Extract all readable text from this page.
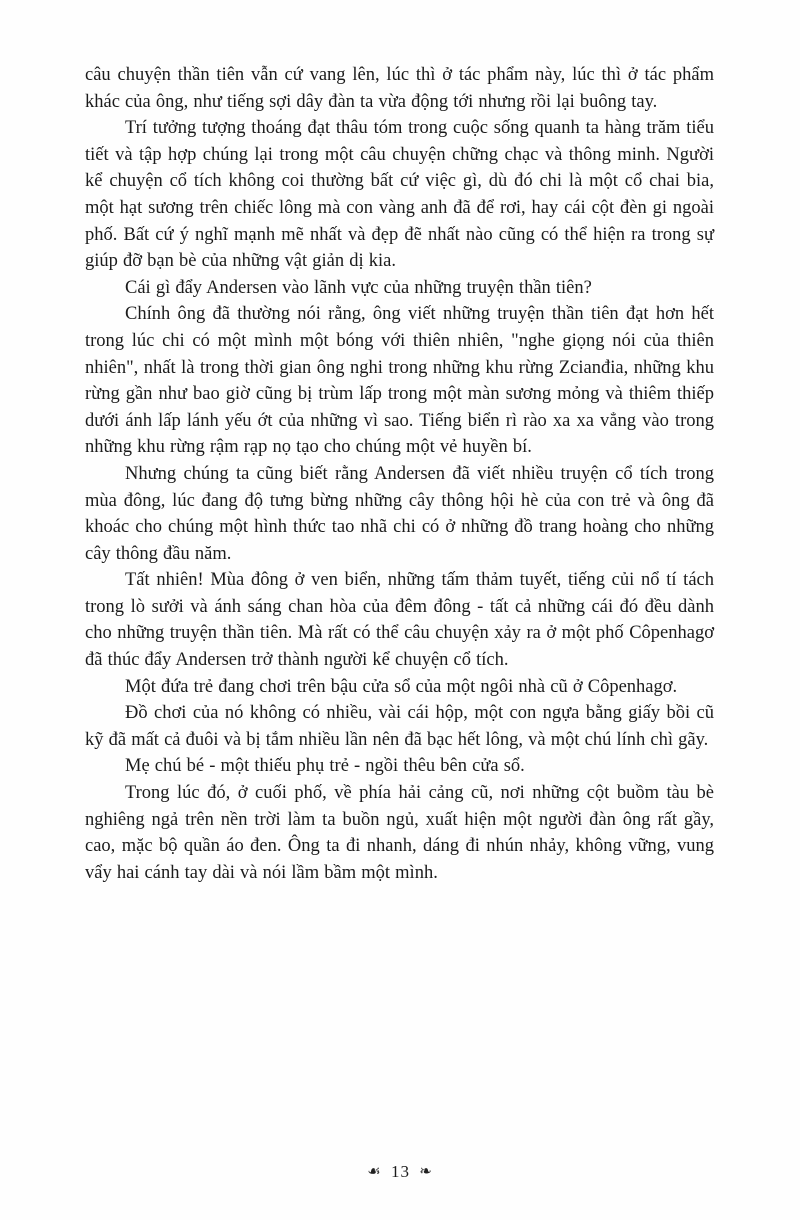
câu chuyện thần tiên vẫn cứ vang lên, lúc thì ở tác phẩm này, lúc thì ở tác phẩm khác của ông, như tiếng sợi dây đàn ta vừa động tới nhưng rồi lại buông tay.

Trí tưởng tượng thoáng đạt thâu tóm trong cuộc sống quanh ta hàng trăm tiểu tiết và tập hợp chúng lại trong một câu chuyện chững chạc và thông minh. Người kể chuyện cổ tích không coi thường bất cứ việc gì, dù đó chi là một cổ chai bia, một hạt sương trên chiếc lông mà con vàng anh đã để rơi, hay cái cột đèn gi ngoài phố. Bất cứ ý nghĩ mạnh mẽ nhất và đẹp đẽ nhất nào cũng có thể hiện ra trong sự giúp đỡ bạn bè của những vật giản dị kia.

Cái gì đẩy Andersen vào lãnh vực của những truyện thần tiên?

Chính ông đã thường nói rằng, ông viết những truyện thần tiên đạt hơn hết trong lúc chi có một mình một bóng với thiên nhiên, "nghe giọng nói của thiên nhiên", nhất là trong thời gian ông nghi trong những khu rừng Zcianđia, những khu rừng gần như bao giờ cũng bị trùm lấp trong một màn sương mỏng và thiêm thiếp dưới ánh lấp lánh yếu ớt của những vì sao. Tiếng biển rì rào xa xa vẳng vào trong những khu rừng rậm rạp nọ tạo cho chúng một vẻ huyền bí.

Nhưng chúng ta cũng biết rằng Andersen đã viết nhiều truyện cổ tích trong mùa đông, lúc đang độ tưng bừng những cây thông hội hè của con trẻ và ông đã khoác cho chúng một hình thức tao nhã chi có ở những đồ trang hoàng cho những cây thông đầu năm.

Tất nhiên! Mùa đông ở ven biển, những tấm thảm tuyết, tiếng củi nổ tí tách trong lò sưởi và ánh sáng chan hòa của đêm đông - tất cả những cái đó đều dành cho những truyện thần tiên. Mà rất có thể câu chuyện xảy ra ở một phố Côpenhagơ đã thúc đẩy Andersen trở thành người kể chuyện cổ tích.

Một đứa trẻ đang chơi trên bậu cửa sổ của một ngôi nhà cũ ở Côpenhagơ.

Đồ chơi của nó không có nhiều, vài cái hộp, một con ngựa bằng giấy bồi cũ kỹ đã mất cả đuôi và bị tắm nhiều lần nên đã bạc hết lông, và một chú lính chì gãy.

Mẹ chú bé - một thiếu phụ trẻ - ngồi thêu bên cửa sổ.

Trong lúc đó, ở cuối phố, về phía hải cảng cũ, nơi những cột buồm tàu bè nghiêng ngả trên nền trời làm ta buồn ngủ, xuất hiện một người đàn ông rất gầy, cao, mặc bộ quần áo đen. Ông ta đi nhanh, dáng đi nhún nhảy, không vững, vung vẩy hai cánh tay dài và nói lầm bầm một mình.

☙ 13 ❧
